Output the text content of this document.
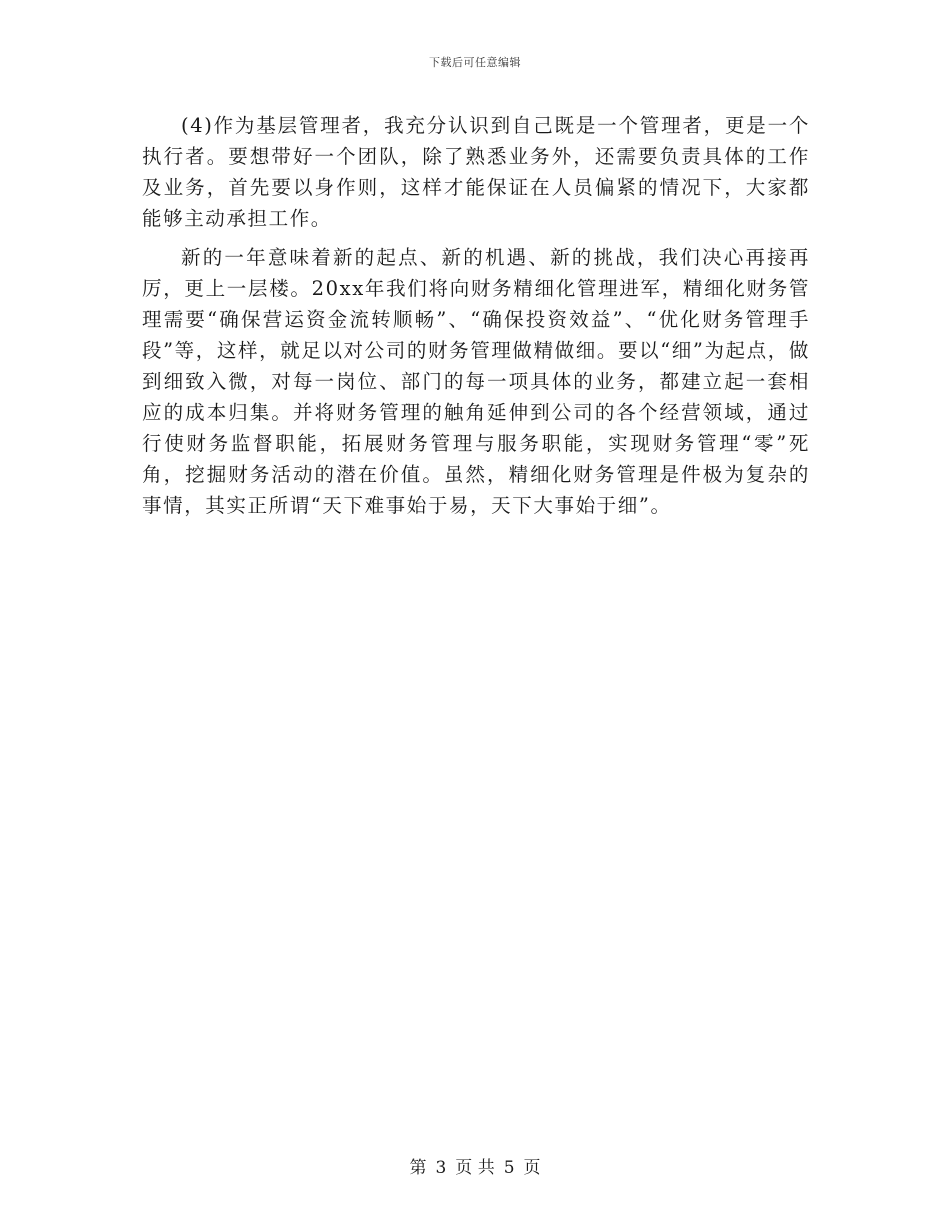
下载后可任意编辑

(4)作为基层管理者，我充分认识到自己既是一个管理者，更是一个执行者。要想带好一个团队，除了熟悉业务外，还需要负责具体的工作及业务，首先要以身作则，这样才能保证在人员偏紧的情况下，大家都能够主动承担工作。

新的一年意味着新的起点、新的机遇、新的挑战，我们决心再接再厉，更上一层楼。20xx年我们将向财务精细化管理进军，精细化财务管理需要“确保营运资金流转顺畅”、“确保投资效益”、“优化财务管理手段”等，这样，就足以对公司的财务管理做精做细。要以“细”为起点，做到细致入微，对每一岗位、部门的每一项具体的业务，都建立起一套相应的成本归集。并将财务管理的触角延伸到公司的各个经营领域，通过行使财务监督职能，拓展财务管理与服务职能，实现财务管理“零”死角，挖掘财务活动的潜在价值。虽然，精细化财务管理是件极为复杂的事情，其实正所谓“天下难事始于易，天下大事始于细”。

第 3 页 共 5 页
